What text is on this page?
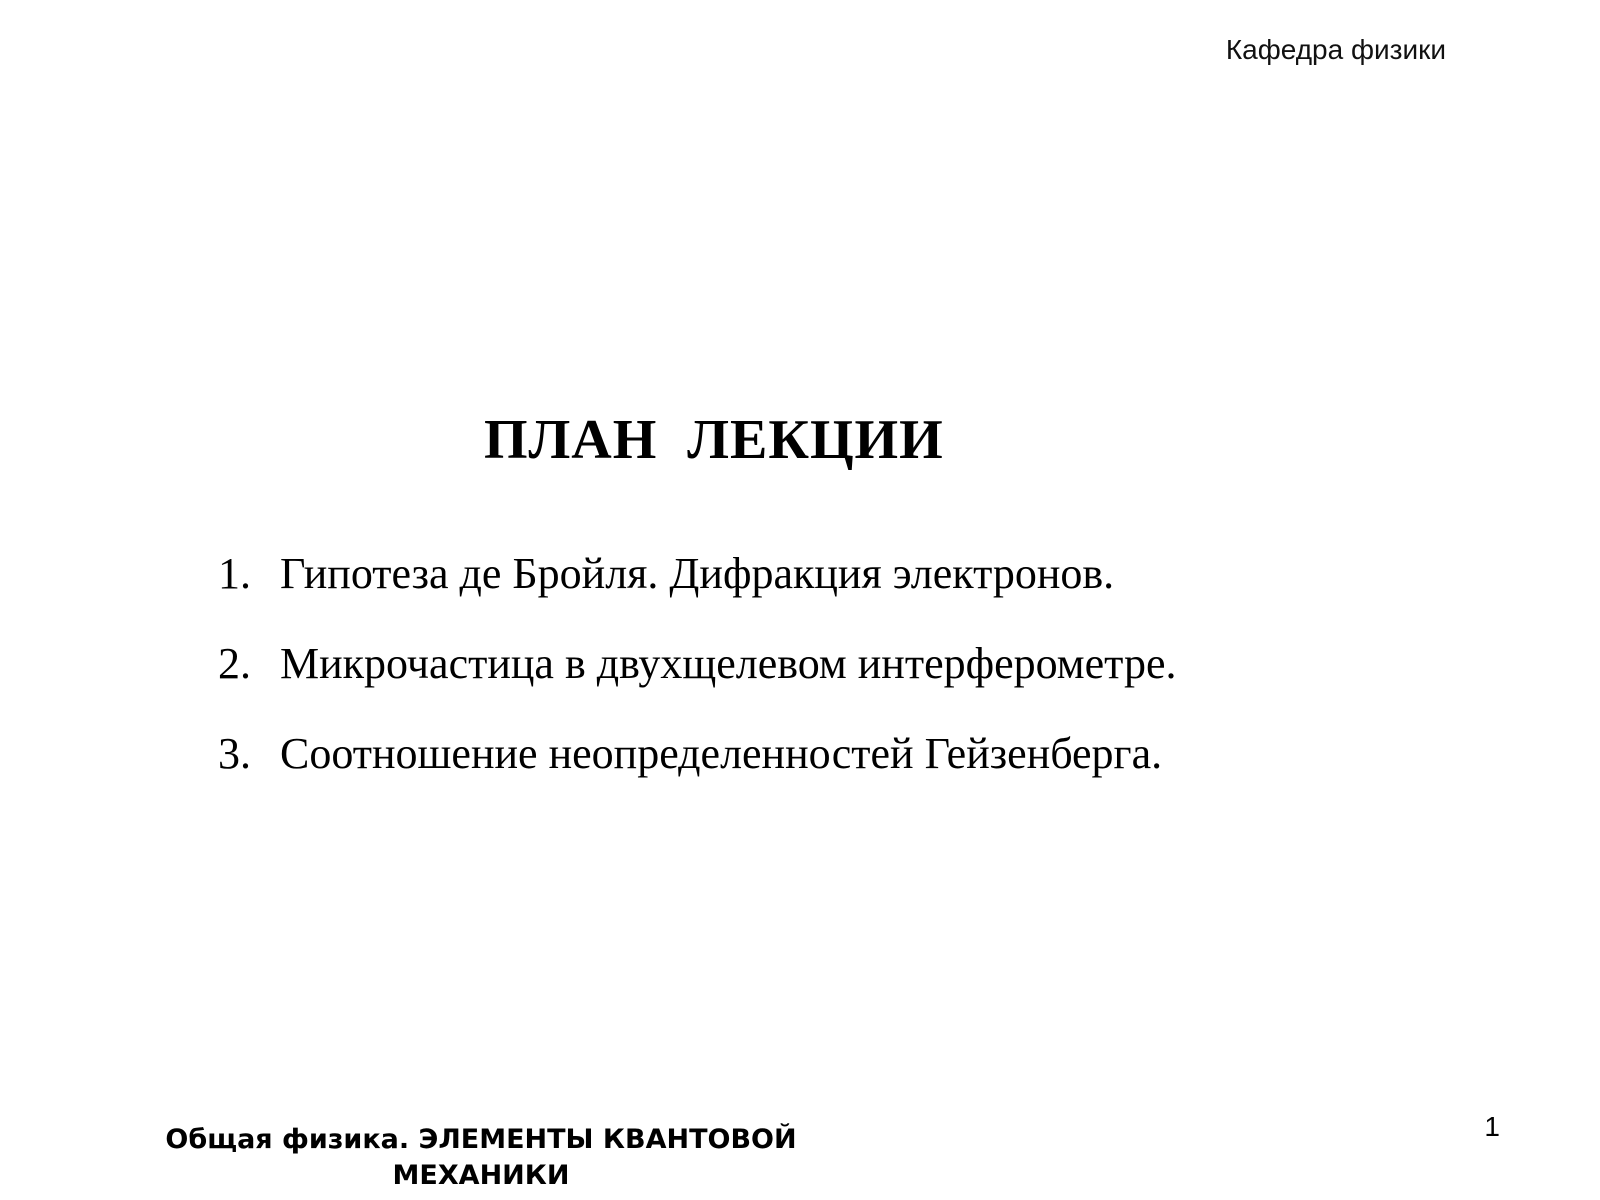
Кафедра физики
ПЛАН  ЛЕКЦИИ
1. Гипотеза де Бройля. Дифракция электронов.
2. Микрочастица в двухщелевом интерферометре.
3. Соотношение неопределенностей Гейзенберга.
Общая физика. ЭЛЕМЕНТЫ КВАНТОВОЙ
МЕХАНИКИ
1
